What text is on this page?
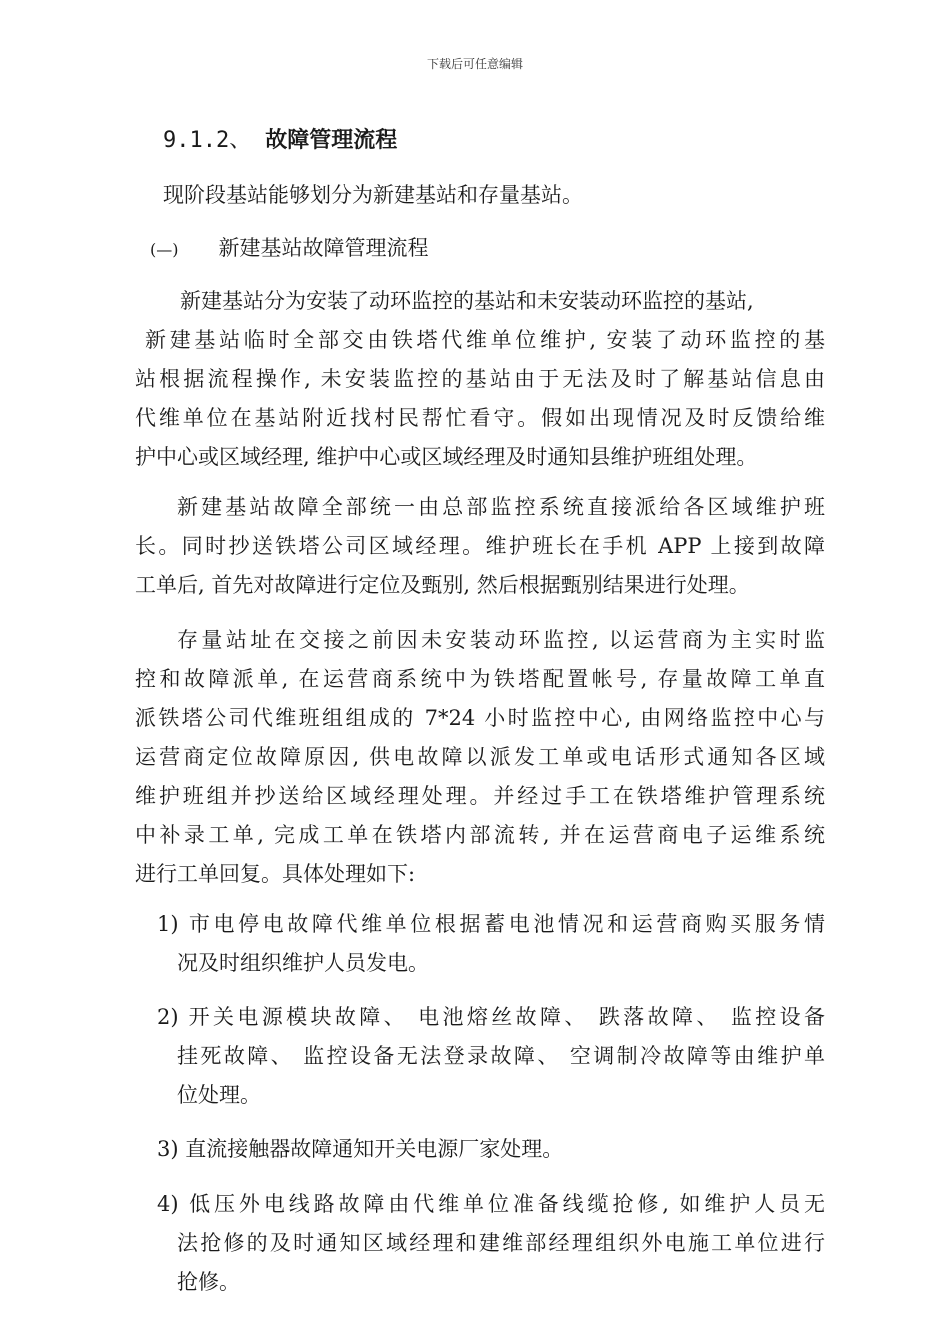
下载后可任意编辑
9.1.2、 故障管理流程
现阶段基站能够划分为新建基站和存量基站。
(—) 新建基站故障管理流程
新建基站分为安装了动环监控的基站和未安装动环监控的基站,
新建基站临时全部交由铁塔代维单位维护, 安装了动环监控的基
站根据流程操作, 未安装监控的基站由于无法及时了解基站信息由
代维单位在基站附近找村民帮忙看守。假如出现情况及时反馈给维
护中心或区域经理, 维护中心或区域经理及时通知县维护班组处理。
新建基站故障全部统一由总部监控系统直接派给各区域维护班
长。同时抄送铁塔公司区域经理。维护班长在手机 APP 上接到故障
工单后, 首先对故障进行定位及甄别, 然后根据甄别结果进行处理。
存量站址在交接之前因未安装动环监控, 以运营商为主实时监
控和故障派单, 在运营商系统中为铁塔配置帐号, 存量故障工单直
派铁塔公司代维班组组成的 7*24 小时监控中心, 由网络监控中心与
运营商定位故障原因, 供电故障以派发工单或电话形式通知各区域
维护班组并抄送给区域经理处理。并经过手工在铁塔维护管理系统
中补录工单, 完成工单在铁塔内部流转, 并在运营商电子运维系统
进行工单回复。具体处理如下:
1) 市电停电故障代维单位根据蓄电池情况和运营商购买服务情
况及时组织维护人员发电。
2) 开关电源模块故障、 电池熔丝故障、 跌落故障、 监控设备
挂死故障、 监控设备无法登录故障、 空调制冷故障等由维护单
位处理。
3) 直流接触器故障通知开关电源厂家处理。
4) 低压外电线路故障由代维单位准备线缆抢修, 如维护人员无
法抢修的及时通知区域经理和建维部经理组织外电施工单位进行
抢修。
